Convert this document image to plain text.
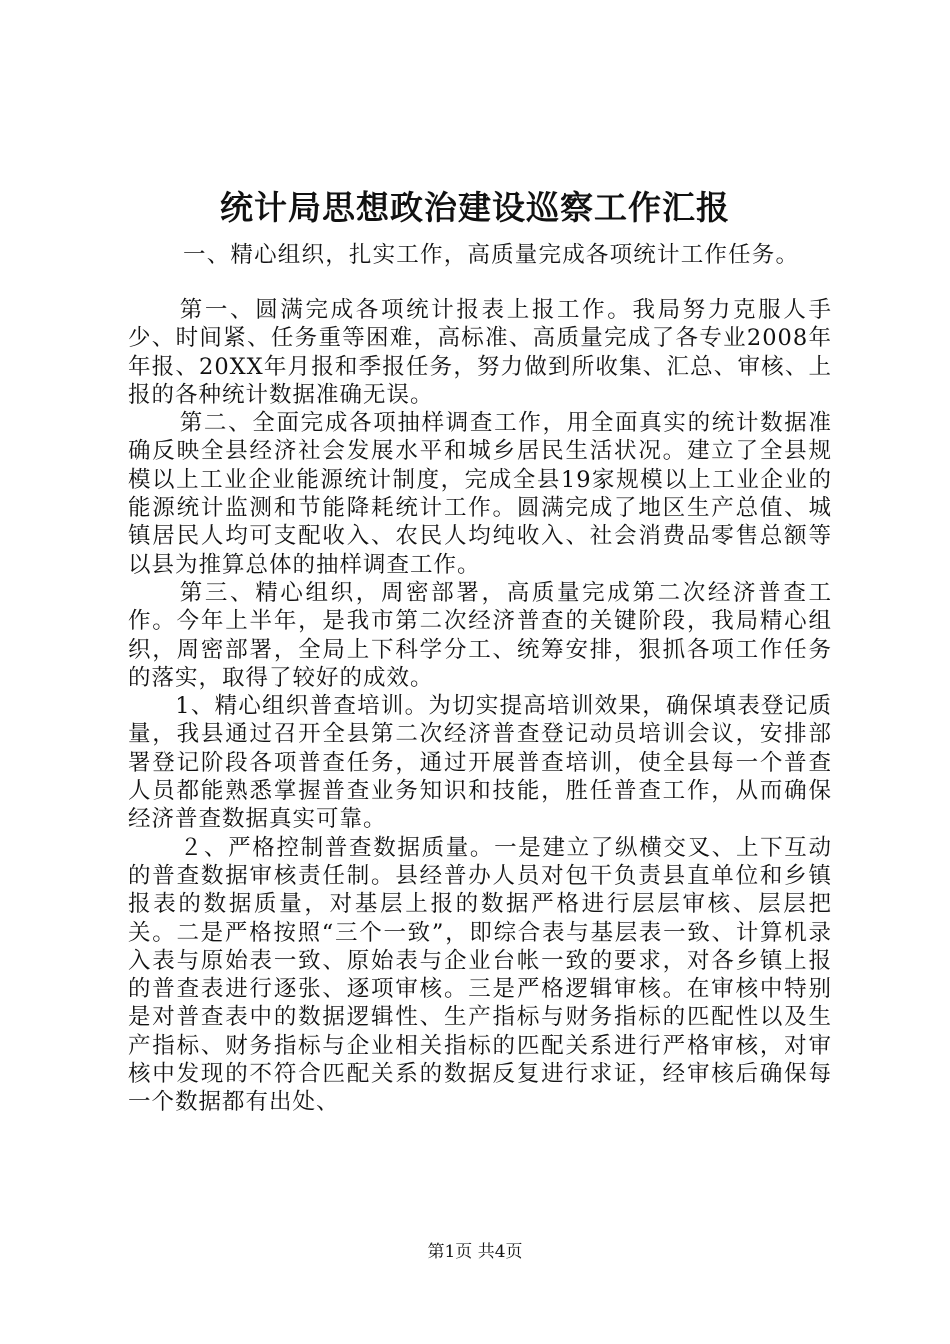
统计局思想政治建设巡察工作汇报

一、精心组织，扎实工作，高质量完成各项统计工作任务。

第一、圆满完成各项统计报表上报工作。我局努力克服人手少、时间紧、任务重等困难，高标准、高质量完成了各专业2008年年报、20XX年月报和季报任务，努力做到所收集、汇总、审核、上报的各种统计数据准确无误。

第二、全面完成各项抽样调查工作，用全面真实的统计数据准确反映全县经济社会发展水平和城乡居民生活状况。建立了全县规模以上工业企业能源统计制度，完成全县19家规模以上工业企业的能源统计监测和节能降耗统计工作。圆满完成了地区生产总值、城镇居民人均可支配收入、农民人均纯收入、社会消费品零售总额等以县为推算总体的抽样调查工作。

第三、精心组织，周密部署，高质量完成第二次经济普查工作。今年上半年，是我市第二次经济普查的关键阶段，我局精心组织，周密部署，全局上下科学分工、统筹安排，狠抓各项工作任务的落实，取得了较好的成效。

1、精心组织普查培训。为切实提高培训效果，确保填表登记质量，我县通过召开全县第二次经济普查登记动员培训会议，安排部署登记阶段各项普查任务，通过开展普查培训，使全县每一个普查人员都能熟悉掌握普查业务知识和技能，胜任普查工作，从而确保经济普查数据真实可靠。

２、严格控制普查数据质量。一是建立了纵横交叉、上下互动的普查数据审核责任制。县经普办人员对包干负责县直单位和乡镇报表的数据质量，对基层上报的数据严格进行层层审核、层层把关。二是严格按照“三个一致”，即综合表与基层表一致、计算机录入表与原始表一致、原始表与企业台帐一致的要求，对各乡镇上报的普查表进行逐张、逐项审核。三是严格逻辑审核。在审核中特别是对普查表中的数据逻辑性、生产指标与财务指标的匹配性以及生产指标、财务指标与企业相关指标的匹配关系进行严格审核，对审核中发现的不符合匹配关系的数据反复进行求证，经审核后确保每一个数据都有出处、

第1页 共4页
